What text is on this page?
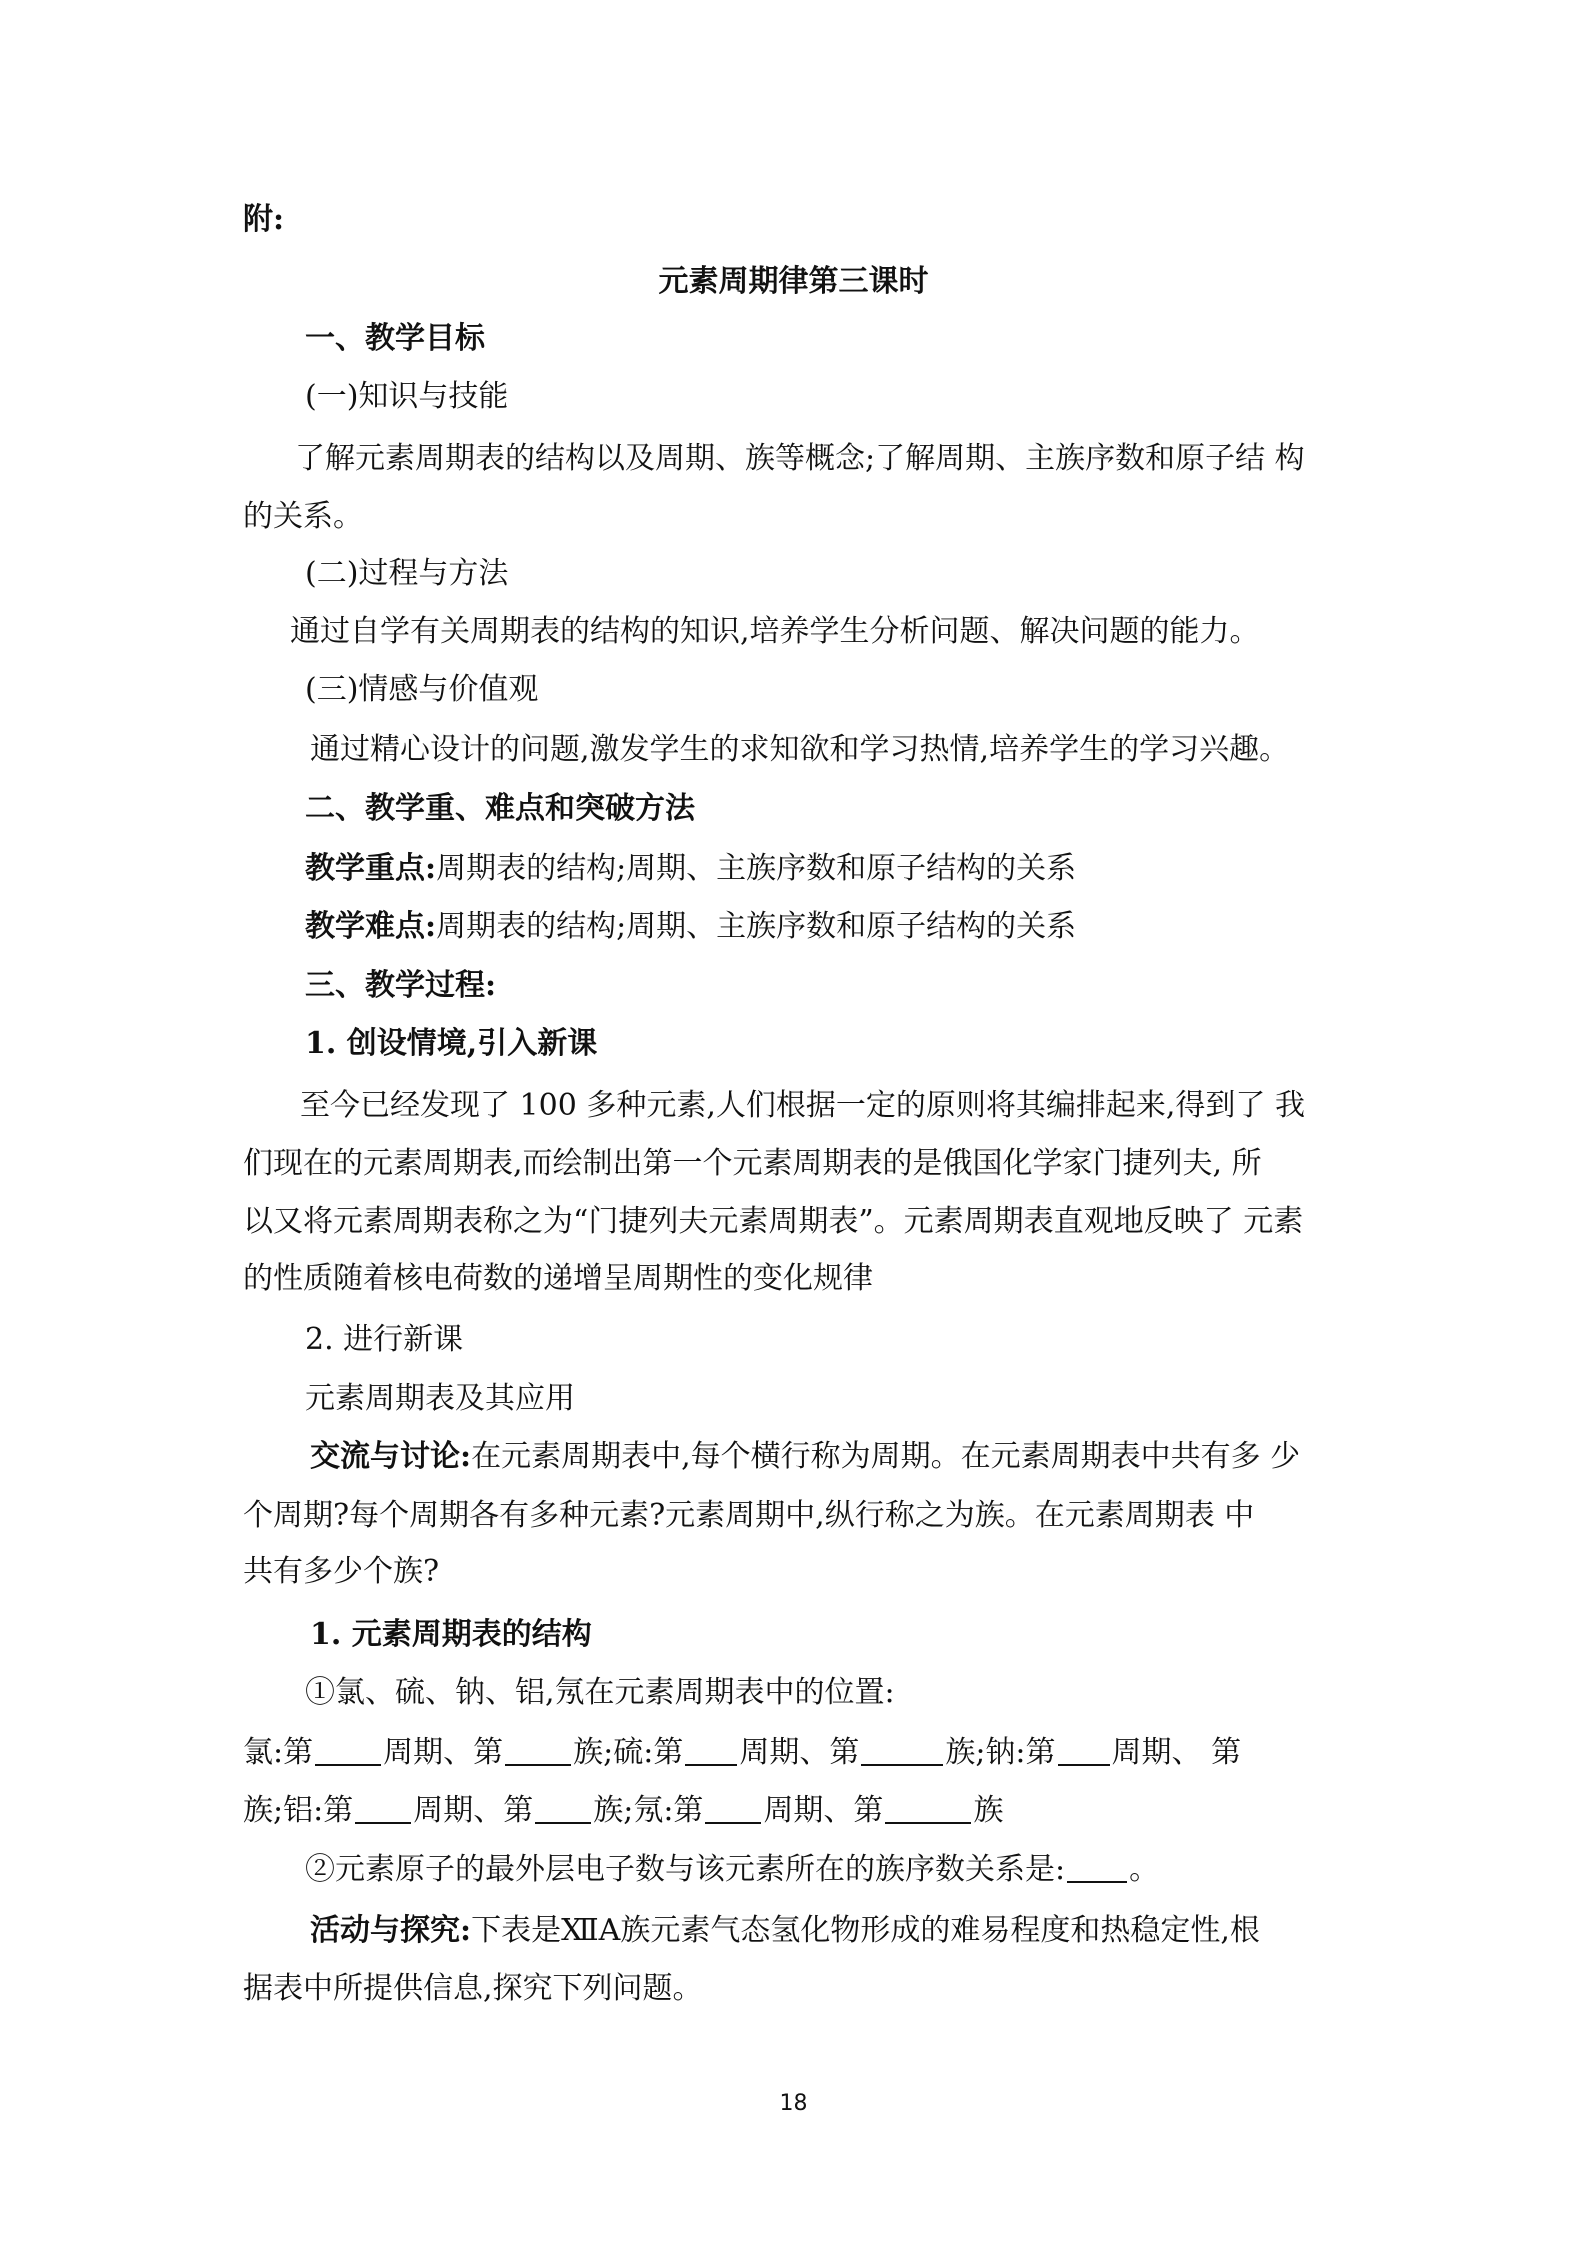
附:
元素周期律第三课时
一、教学目标
(一)知识与技能
了解元素周期表的结构以及周期、族等概念;了解周期、主族序数和原子结 构
的关系。
(二)过程与方法
通过自学有关周期表的结构的知识,培养学生分析问题、解决问题的能力。
(三)情感与价值观
通过精心设计的问题,激发学生的求知欲和学习热情,培养学生的学习兴趣。
二、教学重、难点和突破方法
教学重点:周期表的结构;周期、主族序数和原子结构的关系
教学难点:周期表的结构;周期、主族序数和原子结构的关系
三、教学过程:
1. 创设情境,引入新课
至今已经发现了 100 多种元素,人们根据一定的原则将其编排起来,得到了 我
们现在的元素周期表,而绘制出第一个元素周期表的是俄国化学家门捷列夫, 所
以又将元素周期表称之为“门捷列夫元素周期表”。元素周期表直观地反映了 元素
的性质随着核电荷数的递增呈周期性的变化规律
2. 进行新课
元素周期表及其应用
交流与讨论:在元素周期表中,每个横行称为周期。在元素周期表中共有多 少
个周期?每个周期各有多种元素?元素周期中,纵行称之为族。在元素周期表 中
共有多少个族?
1. 元素周期表的结构
①氯、硫、钠、铝,氖在元素周期表中的位置:
氯:第 周期、第 族;硫:第 周期、第	族;钠:第 周期、 第
族;铝:第 周期、第 族;氖:第 周期、第	族
②元素原子的最外层电子数与该元素所在的族序数关系是: 。
活动与探究:下表是ⅫA族元素气态氢化物形成的难易程度和热稳定性,根
据表中所提供信息,探究下列问题。
18
